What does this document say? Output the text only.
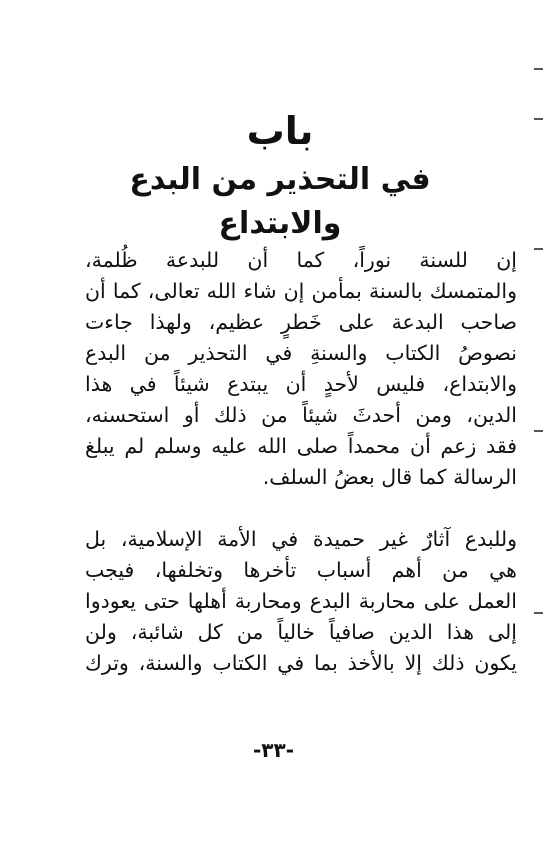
باب
في التحذير من البدع والابتداع
إن للسنة نوراً، كما أن للبدعة ظُلمة،
والمتمسك بالسنة بمأمن إن شاء الله تعالى، كما أن
صاحب البدعة على خَطرٍ عظيم، ولهذا جاءت
نصوصُ الكتاب والسنةِ في التحذير من البدع
والابتداع، فليس لأحدٍ أن يبتدع شيئاً في هذا
الدين، ومن أحدثَ شيئاً من ذلك أو استحسنه،
فقد زعم أن محمداً صلى الله عليه وسلم لم يبلغ
الرسالة كما قال بعضُ السلف.
وللبدع آثارٌ غير حميدة في الأمة الإسلامية، بل
هي من أهم أسباب تأخرها وتخلفها، فيجب
العمل على محاربة البدع ومحاربة أهلها حتى يعودوا
إلى هذا الدين صافياً خالياً من كل شائبة، ولن
يكون ذلك إلا بالأخذ بما في الكتاب والسنة، وترك
-٣٣-
